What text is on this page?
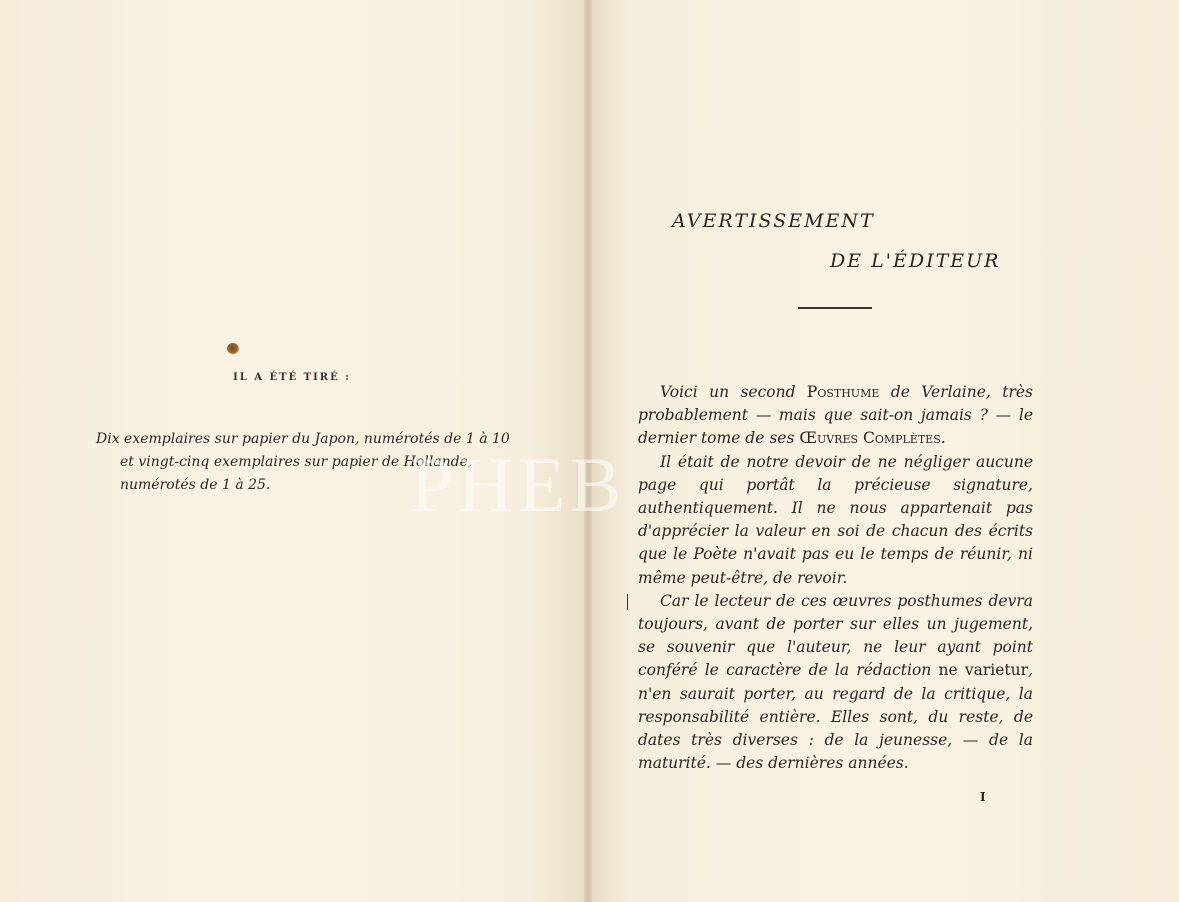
IL A ÉTÉ TIRÉ :
Dix exemplaires sur papier du Japon, numérotés de 1 à 10
et vingt-cinq exemplaires sur papier de Hollande,
numérotés de 1 à 25.	PHEB
AVERTISSEMENT
DE L'ÉDITEUR

Voici un second Posthume de Verlaine, très probablement — mais que sait-on jamais ? — le dernier tome de ses Œuvres Complètes.

Il était de notre devoir de ne négliger aucune page qui portât la précieuse signature, authentiquement. Il ne nous appartenait pas d'apprécier la valeur en soi de chacun des écrits que le Poète n'avait pas eu le temps de réunir, ni même peut-être, de revoir.

Car le lecteur de ces œuvres posthumes devra toujours, avant de porter sur elles un jugement, se souvenir que l'auteur, ne leur ayant point conféré le caractère de la rédaction ne varietur, n'en saurait porter, au regard de la critique, la responsabilité entière. Elles sont, du reste, de dates très diverses : de la jeunesse, — de la maturité. — des dernières années.

I
